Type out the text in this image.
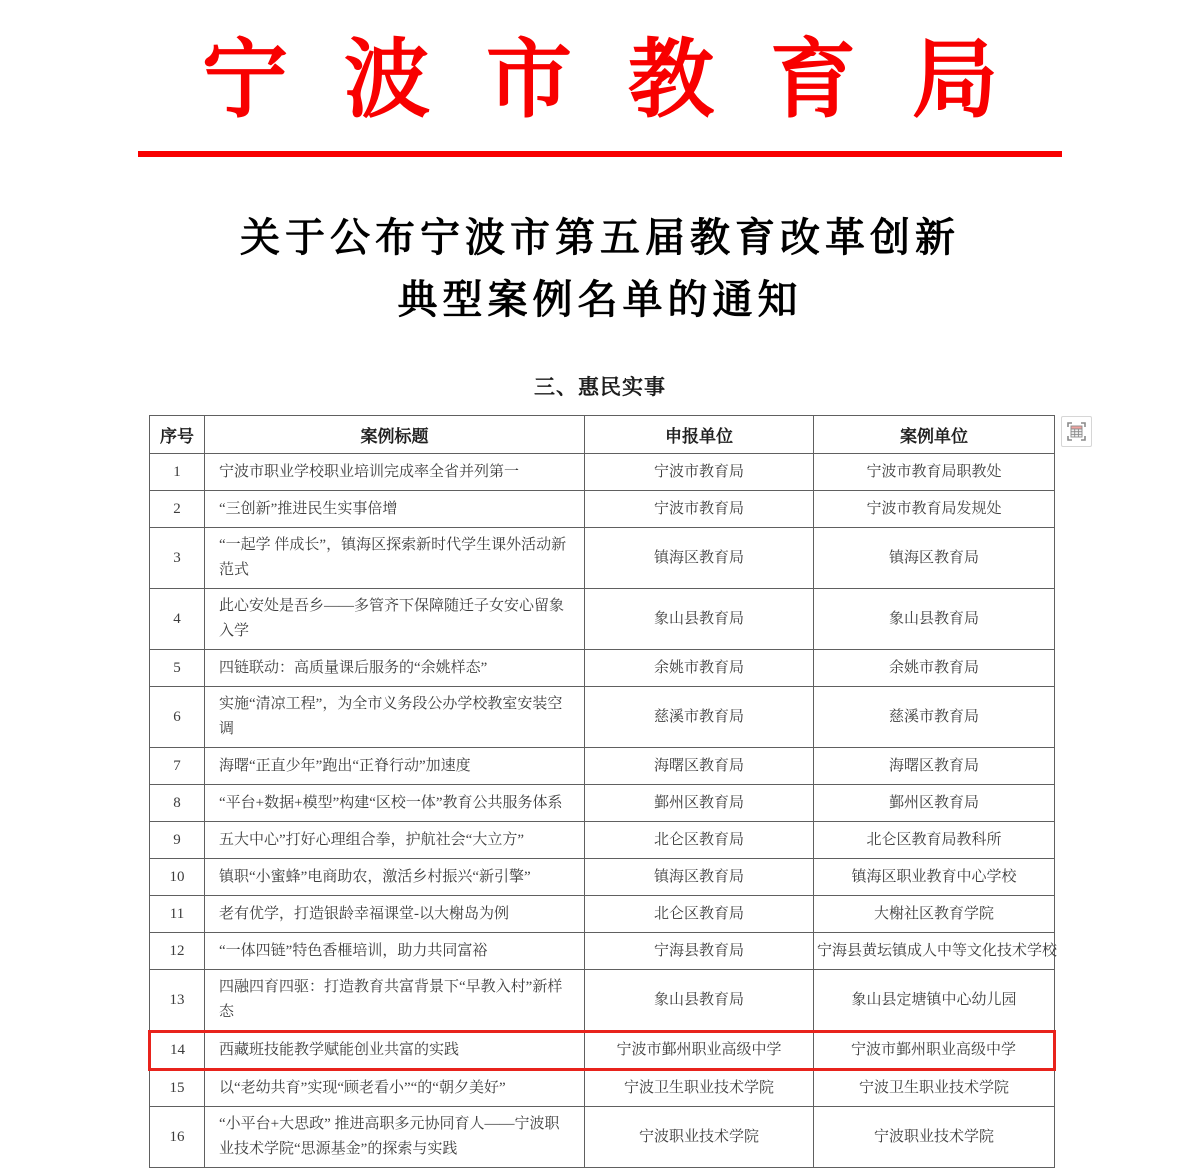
宁波市教育局
关于公布宁波市第五届教育改革创新
典型案例名单的通知
三、惠民实事
序号	案例标题	申报单位	案例单位
1	宁波市职业学校职业培训完成率全省并列第一	宁波市教育局	宁波市教育局职教处
2	“三创新”推进民生实事倍增	宁波市教育局	宁波市教育局发规处
3	“一起学 伴成长”，镇海区探索新时代学生课外活动新范式	镇海区教育局	镇海区教育局
4	此心安处是吾乡——多管齐下保障随迁子女安心留象入学	象山县教育局	象山县教育局
5	四链联动：高质量课后服务的“余姚样态”	余姚市教育局	余姚市教育局
6	实施“清凉工程”，为全市义务段公办学校教室安装空调	慈溪市教育局	慈溪市教育局
7	海曙“正直少年”跑出“正脊行动”加速度	海曙区教育局	海曙区教育局
8	“平台+数据+模型”构建“区校一体”教育公共服务体系	鄞州区教育局	鄞州区教育局
9	五大中心”打好心理组合拳，护航社会“大立方”	北仑区教育局	北仑区教育局教科所
10	镇职“小蜜蜂”电商助农，激活乡村振兴“新引擎”	镇海区教育局	镇海区职业教育中心学校
11	老有优学，打造银龄幸福课堂-以大榭岛为例	北仑区教育局	大榭社区教育学院
12	“一体四链”特色香榧培训，助力共同富裕	宁海县教育局	宁海县黄坛镇成人中等文化技术学校
13	四融四育四驱：打造教育共富背景下“早教入村”新样态	象山县教育局	象山县定塘镇中心幼儿园
14	西藏班技能教学赋能创业共富的实践	宁波市鄞州职业高级中学	宁波市鄞州职业高级中学
15	以“老幼共育”实现“顾老看小”“的“朝夕美好”	宁波卫生职业技术学院	宁波卫生职业技术学院
16	“小平台+大思政” 推进高职多元协同育人——宁波职业技术学院“思源基金”的探索与实践	宁波职业技术学院	宁波职业技术学院
